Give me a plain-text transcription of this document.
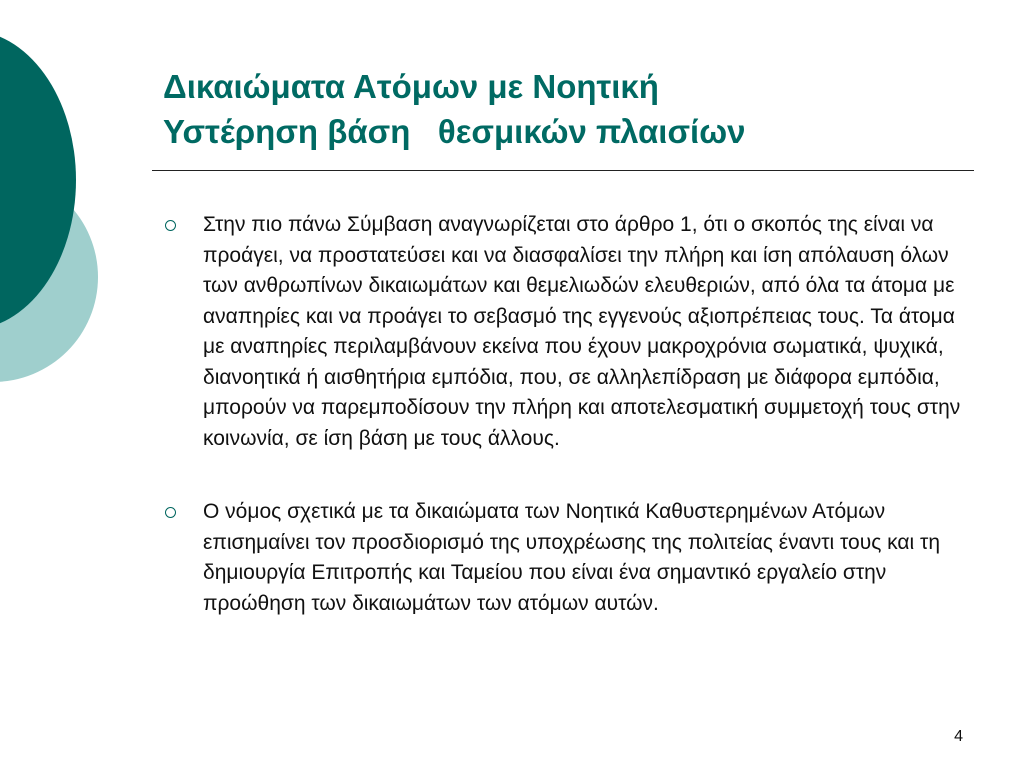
Δικαιώματα Ατόμων με Νοητική
Υστέρηση βάση   θεσμικών πλαισίων
Στην πιο πάνω Σύμβαση αναγνωρίζεται στο άρθρο 1, ότι ο σκοπός της είναι να προάγει, να προστατεύσει και να διασφαλίσει την πλήρη και ίση απόλαυση όλων των ανθρωπίνων δικαιωμάτων και θεμελιωδών ελευθεριών, από όλα τα άτομα με αναπηρίες και να προάγει το σεβασμό της εγγενούς αξιοπρέπειας τους. Τα άτομα με αναπηρίες περιλαμβάνουν εκείνα που έχουν μακροχρόνια σωματικά, ψυχικά, διανοητικά ή αισθητήρια εμπόδια, που, σε αλληλεπίδραση με διάφορα εμπόδια, μπορούν να παρεμποδίσουν την πλήρη και αποτελεσματική συμμετοχή τους στην κοινωνία, σε ίση βάση με τους άλλους.
Ο νόμος σχετικά με τα δικαιώματα των Νοητικά Καθυστερημένων Ατόμων επισημαίνει τον προσδιορισμό της υποχρέωσης της πολιτείας έναντι τους και τη δημιουργία Επιτροπής και Ταμείου που είναι ένα σημαντικό εργαλείο στην προώθηση των δικαιωμάτων των ατόμων αυτών.
4
